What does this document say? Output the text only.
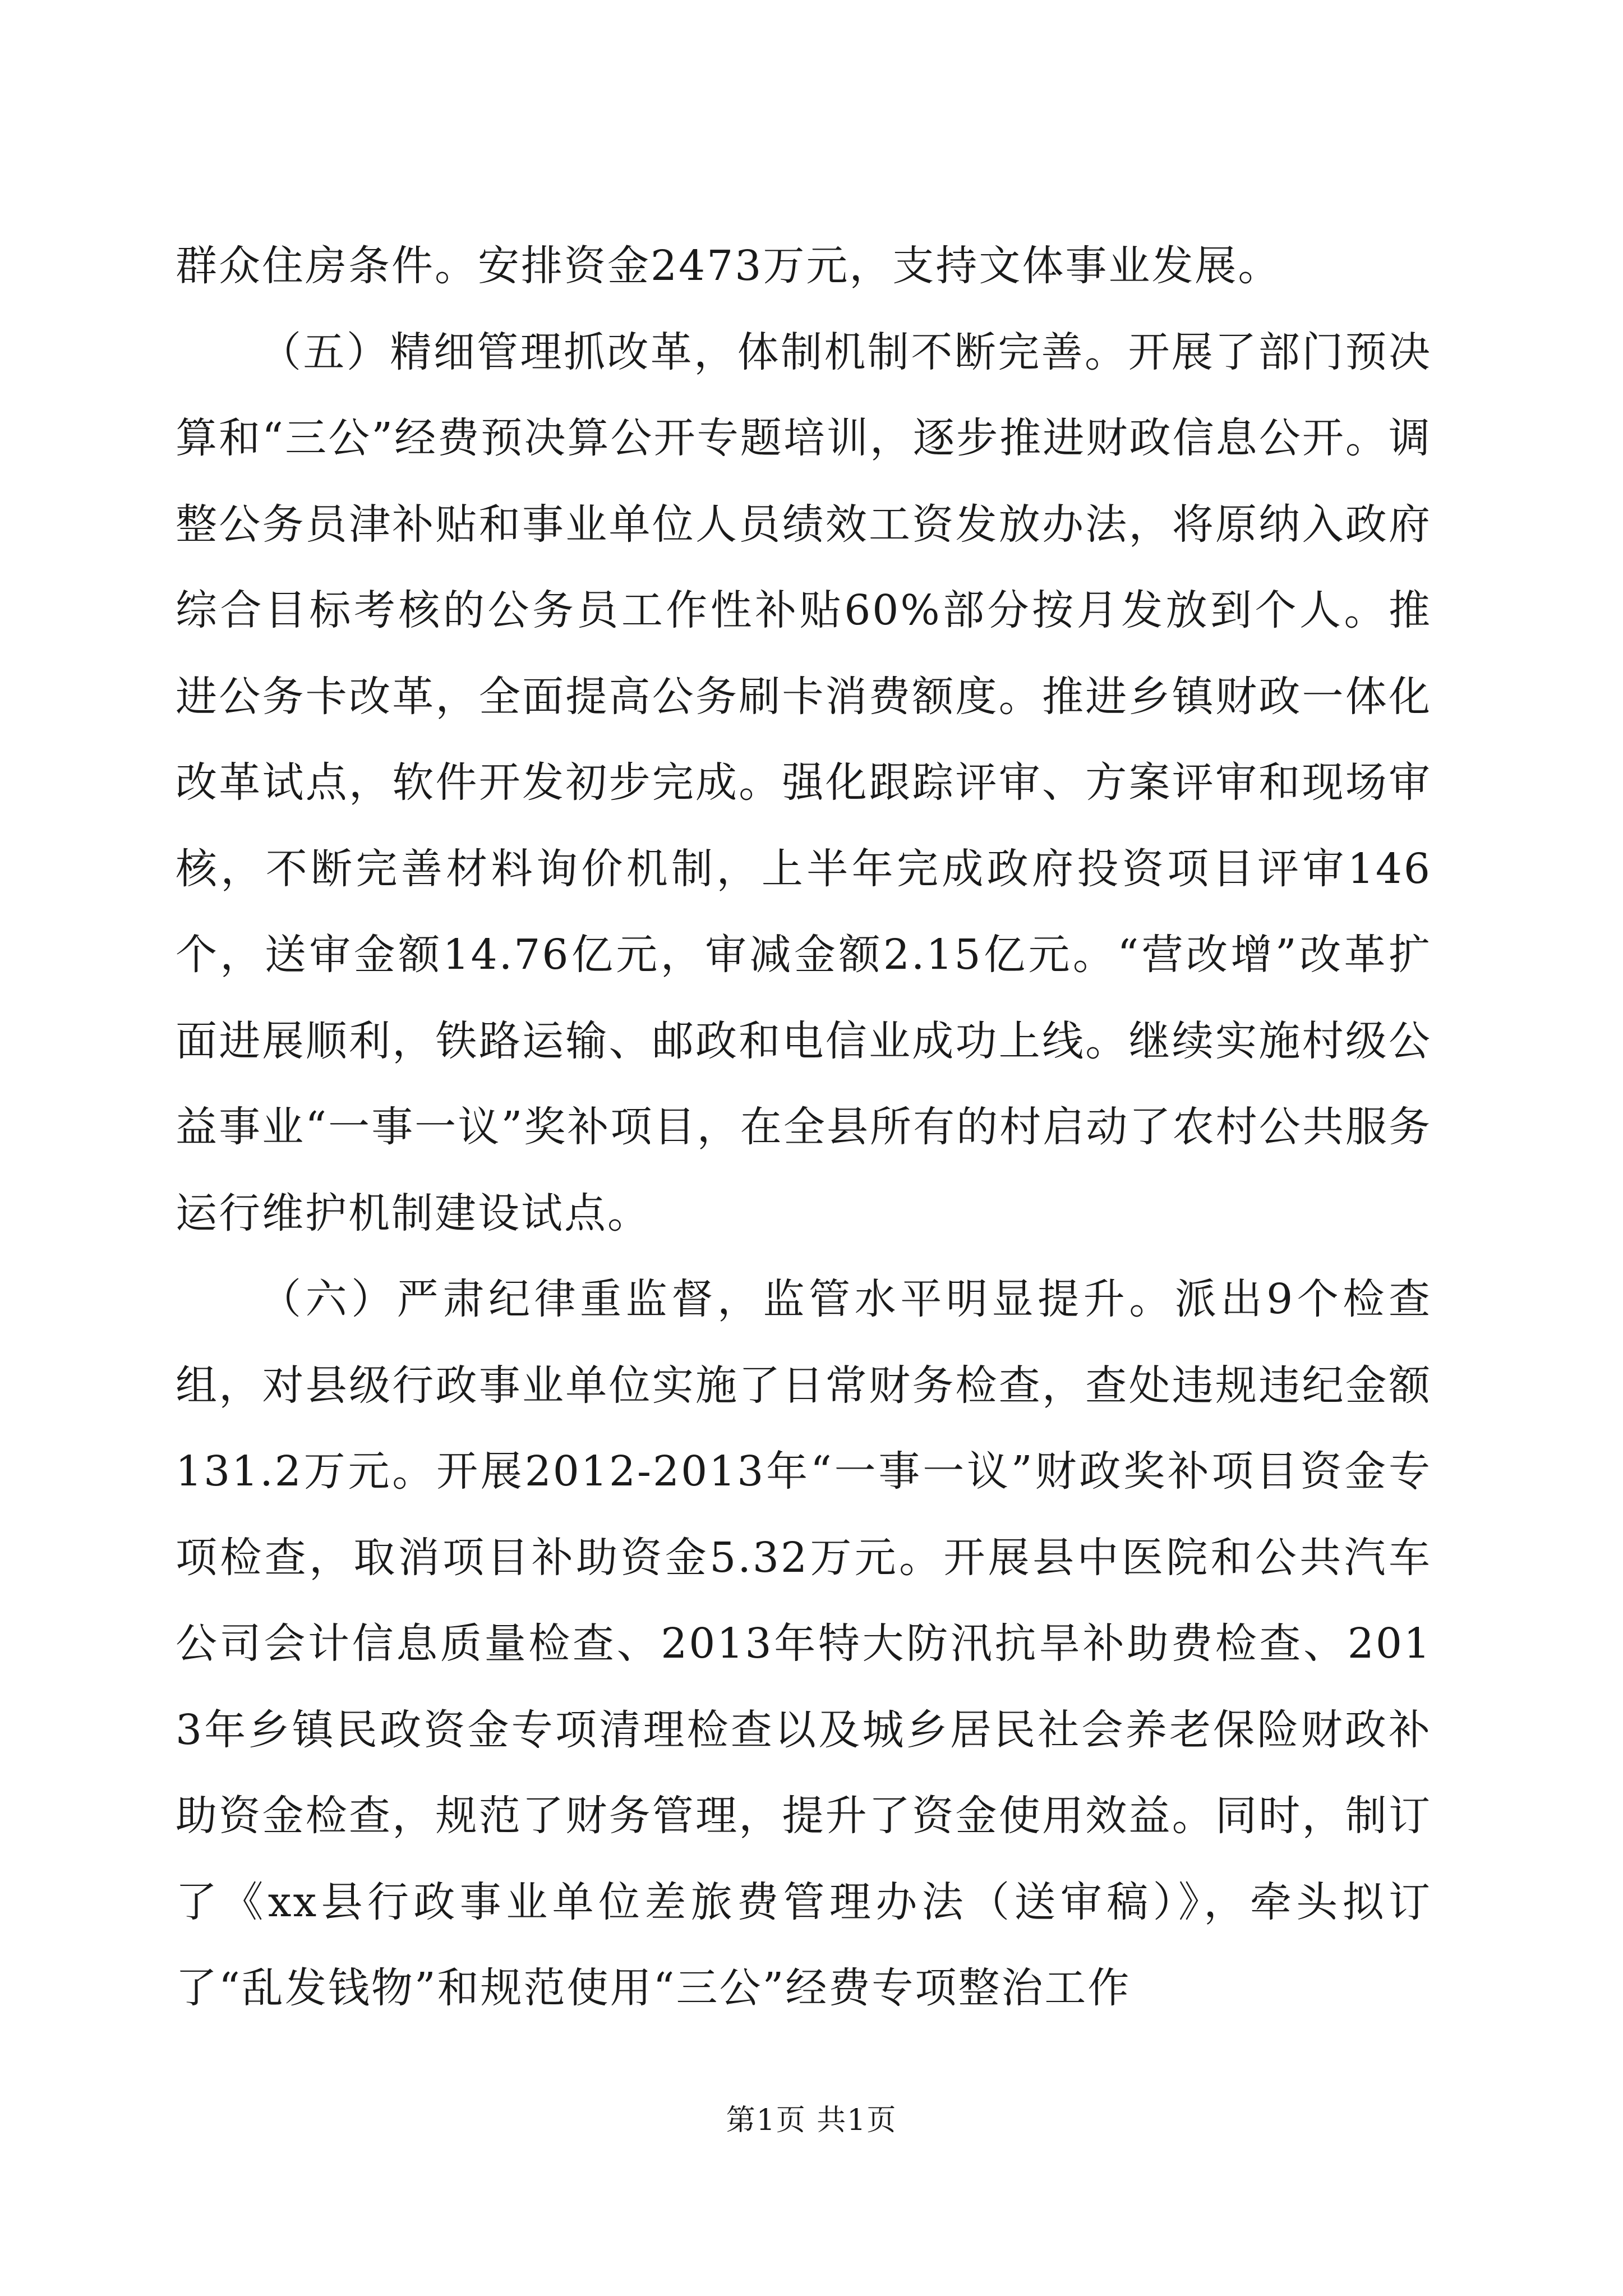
群众住房条件。安排资金2473万元，支持文体事业发展。

（五）精细管理抓改革，体制机制不断完善。开展了部门预决算和“三公”经费预决算公开专题培训，逐步推进财政信息公开。调整公务员津补贴和事业单位人员绩效工资发放办法，将原纳入政府综合目标考核的公务员工作性补贴60%部分按月发放到个人。推进公务卡改革，全面提高公务刷卡消费额度。推进乡镇财政一体化改革试点，软件开发初步完成。强化跟踪评审、方案评审和现场审核，不断完善材料询价机制，上半年完成政府投资项目评审146个，送审金额14.76亿元，审减金额2.15亿元。“营改增”改革扩面进展顺利，铁路运输、邮政和电信业成功上线。继续实施村级公益事业“一事一议”奖补项目，在全县所有的村启动了农村公共服务运行维护机制建设试点。

（六）严肃纪律重监督，监管水平明显提升。派出9个检查组，对县级行政事业单位实施了日常财务检查，查处违规违纪金额131.2万元。开展2012-2013年“一事一议”财政奖补项目资金专项检查，取消项目补助资金5.32万元。开展县中医院和公共汽车公司会计信息质量检查、2013年特大防汛抗旱补助费检查、2013年乡镇民政资金专项清理检查以及城乡居民社会养老保险财政补助资金检查，规范了财务管理，提升了资金使用效益。同时，制订了《xx县行政事业单位差旅费管理办法（送审稿）》，牵头拟订了“乱发钱物”和规范使用“三公”经费专项整治工作

第1页 共1页
